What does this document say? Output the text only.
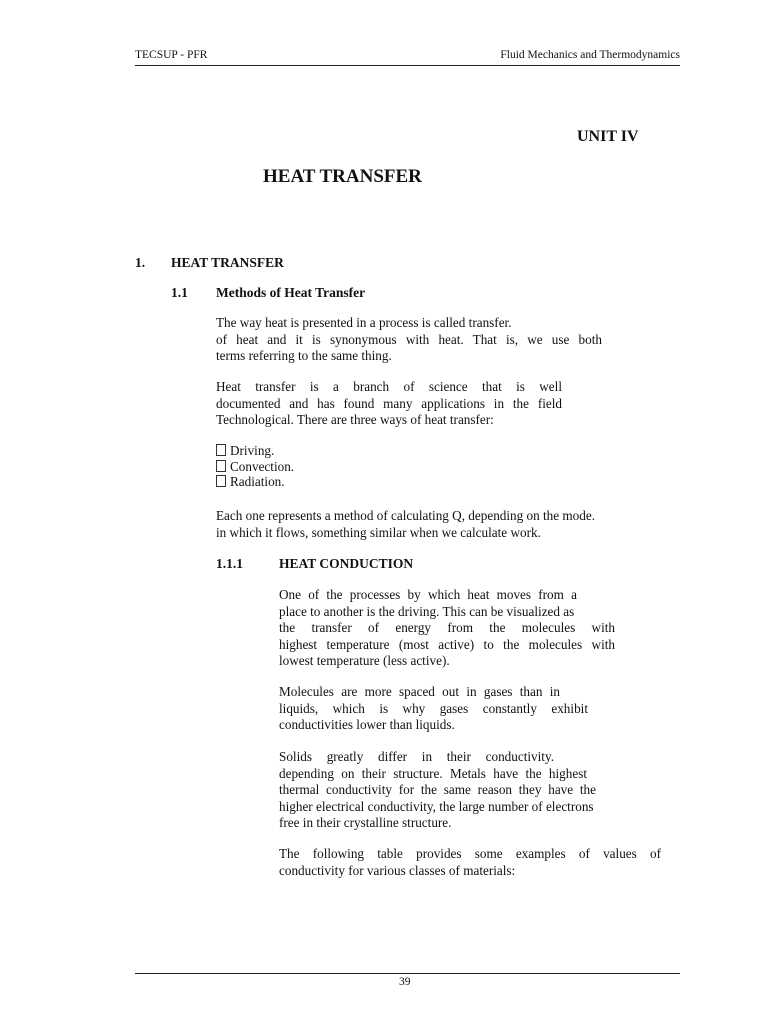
TECSUP - PFR	Fluid Mechanics and Thermodynamics
UNIT IV
HEAT TRANSFER
1. HEAT TRANSFER
1.1 Methods of Heat Transfer
The way heat is presented in a process is called transfer.
of heat and it is synonymous with heat. That is, we use both
terms referring to the same thing.
Heat transfer is a branch of science that is well
documented and has found many applications in the field
Technological. There are three ways of heat transfer:
Driving.
Convection.
Radiation.
Each one represents a method of calculating Q, depending on the mode.
in which it flows, something similar when we calculate work.
1.1.1	HEAT CONDUCTION
One of the processes by which heat moves from a
place to another is the driving. This can be visualized as
the transfer of energy from the molecules with
highest temperature (most active) to the molecules with
lowest temperature (less active).
Molecules are more spaced out in gases than in
liquids, which is why gases constantly exhibit
conductivities lower than liquids.
Solids greatly differ in their conductivity.
depending on their structure. Metals have the highest
thermal conductivity for the same reason they have the
higher electrical conductivity, the large number of electrons
free in their crystalline structure.
The following table provides some examples of values of
conductivity for various classes of materials:
39
